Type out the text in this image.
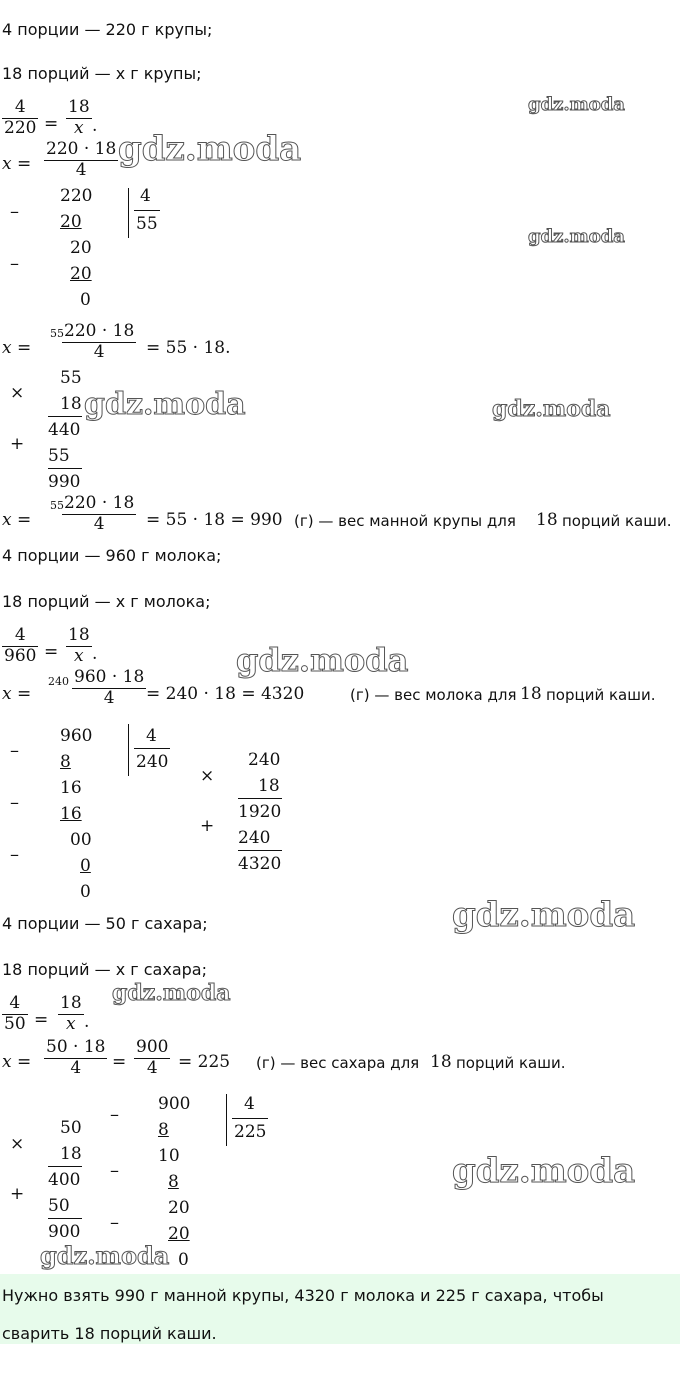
4 порции — 220 г крупы;
18 порций — x г крупы;
$\frac{4}{220} = \frac{18}{x}$ .
$x = \frac{220 \cdot 18}{4}$
–
220
20
20
–	20
0
4
55
x =
55
$\frac{220 \cdot 18}{4} = 55 \cdot 18$.
×
55
18
440
+
55
990
x =
55
$\frac{220 \cdot 18}{4} = 55 \cdot 18 = 990$ (г) — вес манной крупы для 18 порций каши.
4 порции — 960 г молока;
18 порций — x г молока;
$\frac{4}{960} = \frac{18}{x}$ .
x =
$240 \frac{960 \cdot 18}{4} = 240 \cdot 18 = 4320$	(г) — вес молока для 18 порций каши.
–
960
8
16
–
16
00
–
0
0
4
240
×
240
18
1920
+
240
4320
4 порции — 50 г сахара;
18 порций — x г сахара;
$\frac{4}{50} = \frac{18}{x}$ .
$x = \frac{50 \cdot 18}{4} = \frac{900}{4} = 225$ (г) — вес сахара для 18 порций каши.
×
50
18
400
+
50
900
– 900
8
10
–
8
20
–
20
0
4
225
gdz.moda
gdz.moda
gdz.moda
gdz.moda	gdz.moda
gdz.moda
gdz.moda
gdz.moda
gdz.moda
gdz.moda
Нужно взять 990 г манной крупы, 4320 г молока и 225 г сахара, чтобы
сварить 18 порций каши.
